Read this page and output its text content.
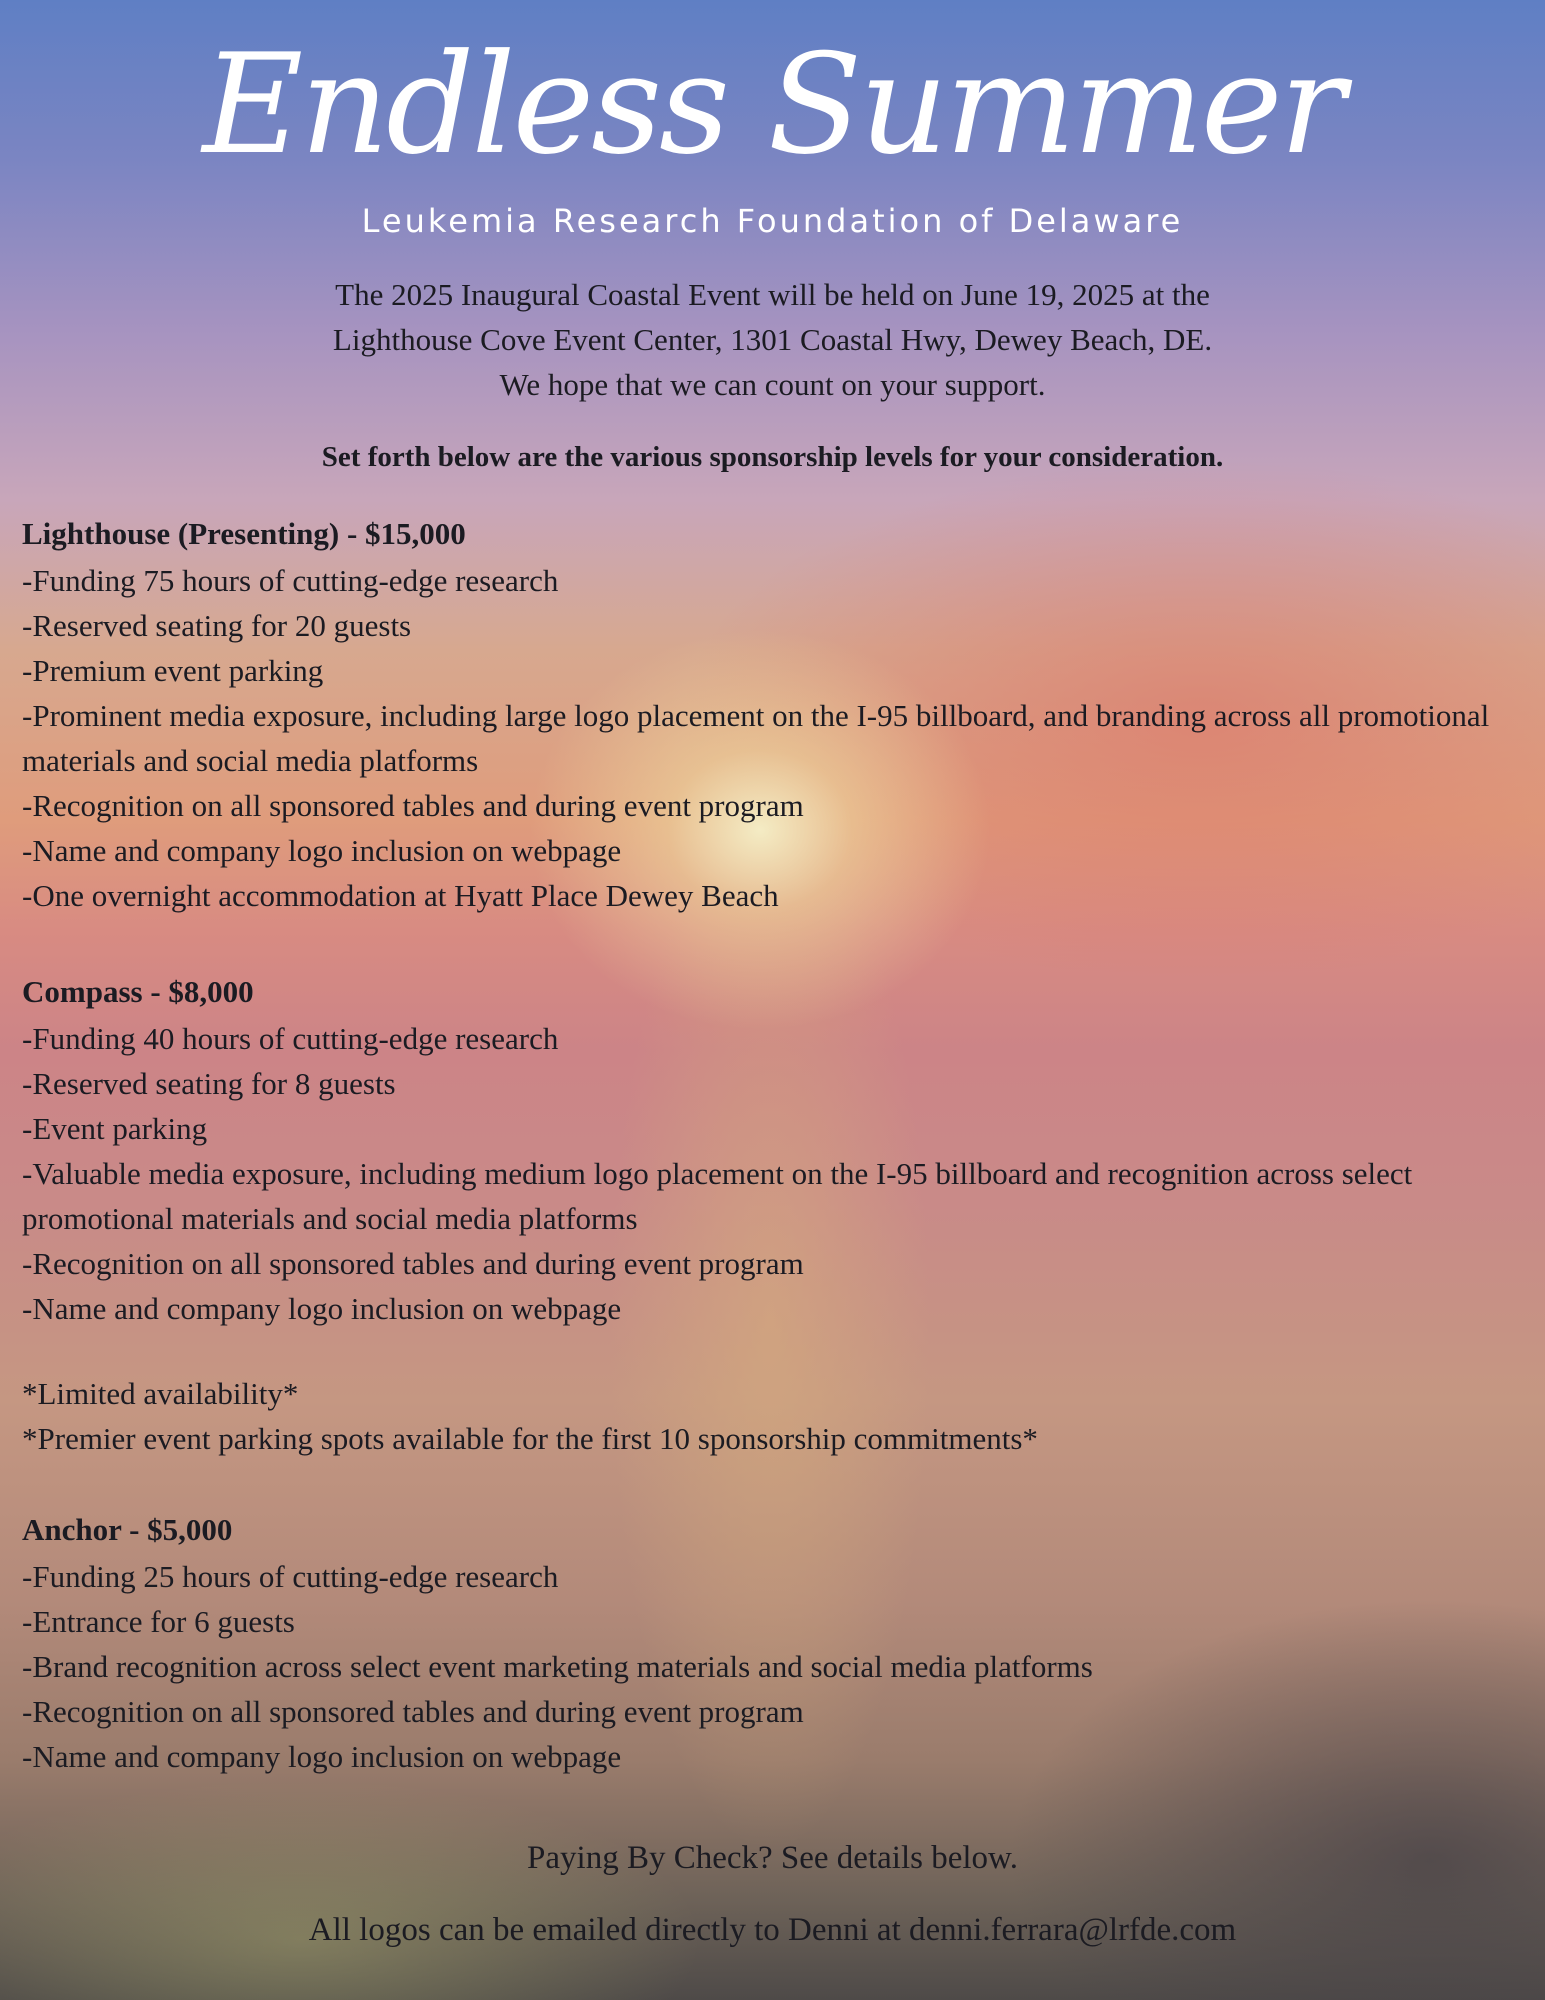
Endless Summer
Leukemia Research Foundation of Delaware
The 2025 Inaugural Coastal Event will be held on June 19, 2025 at the
Lighthouse Cove Event Center, 1301 Coastal Hwy, Dewey Beach, DE.
We hope that we can count on your support.
Set forth below are the various sponsorship levels for your consideration.
Lighthouse (Presenting) - $15,000
-Funding 75 hours of cutting-edge research
-Reserved seating for 20 guests
-Premium event parking
-Prominent media exposure, including large logo placement on the I-95 billboard, and branding across all promotional materials and social media platforms
-Recognition on all sponsored tables and during event program
-Name and company logo inclusion on webpage
-One overnight accommodation at Hyatt Place Dewey Beach
Compass - $8,000
-Funding 40 hours of cutting-edge research
-Reserved seating for 8 guests
-Event parking
-Valuable media exposure, including medium logo placement on the I-95 billboard and recognition across select promotional materials and social media platforms
-Recognition on all sponsored tables and during event program
-Name and company logo inclusion on webpage
*Limited availability*
*Premier event parking spots available for the first 10 sponsorship commitments*
Anchor - $5,000
-Funding 25 hours of cutting-edge research
-Entrance for 6 guests
-Brand recognition across select event marketing materials and social media platforms
-Recognition on all sponsored tables and during event program
-Name and company logo inclusion on webpage
Paying By Check? See details below.
All logos can be emailed directly to Denni at denni.ferrara@lrfde.com
